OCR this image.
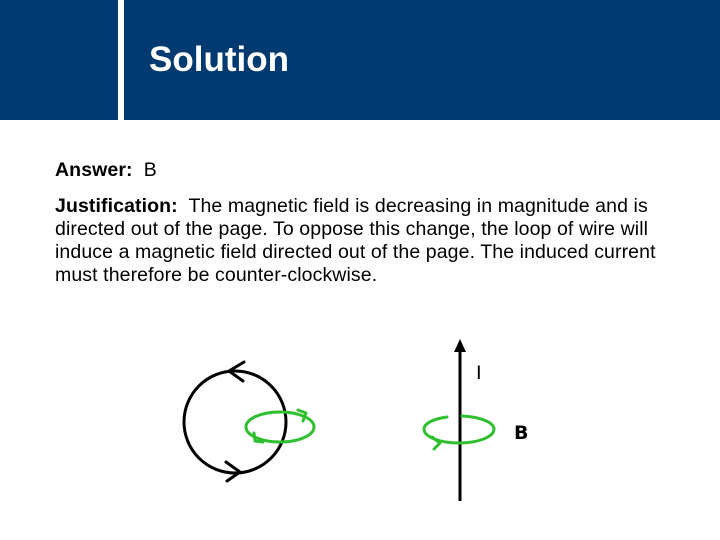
Solution

Answer: B

Justification: The magnetic field is decreasing in magnitude and is directed out of the page. To oppose this change, the loop of wire will induce a magnetic field directed out of the page. The induced current must therefore be counter-clockwise.

I
B
